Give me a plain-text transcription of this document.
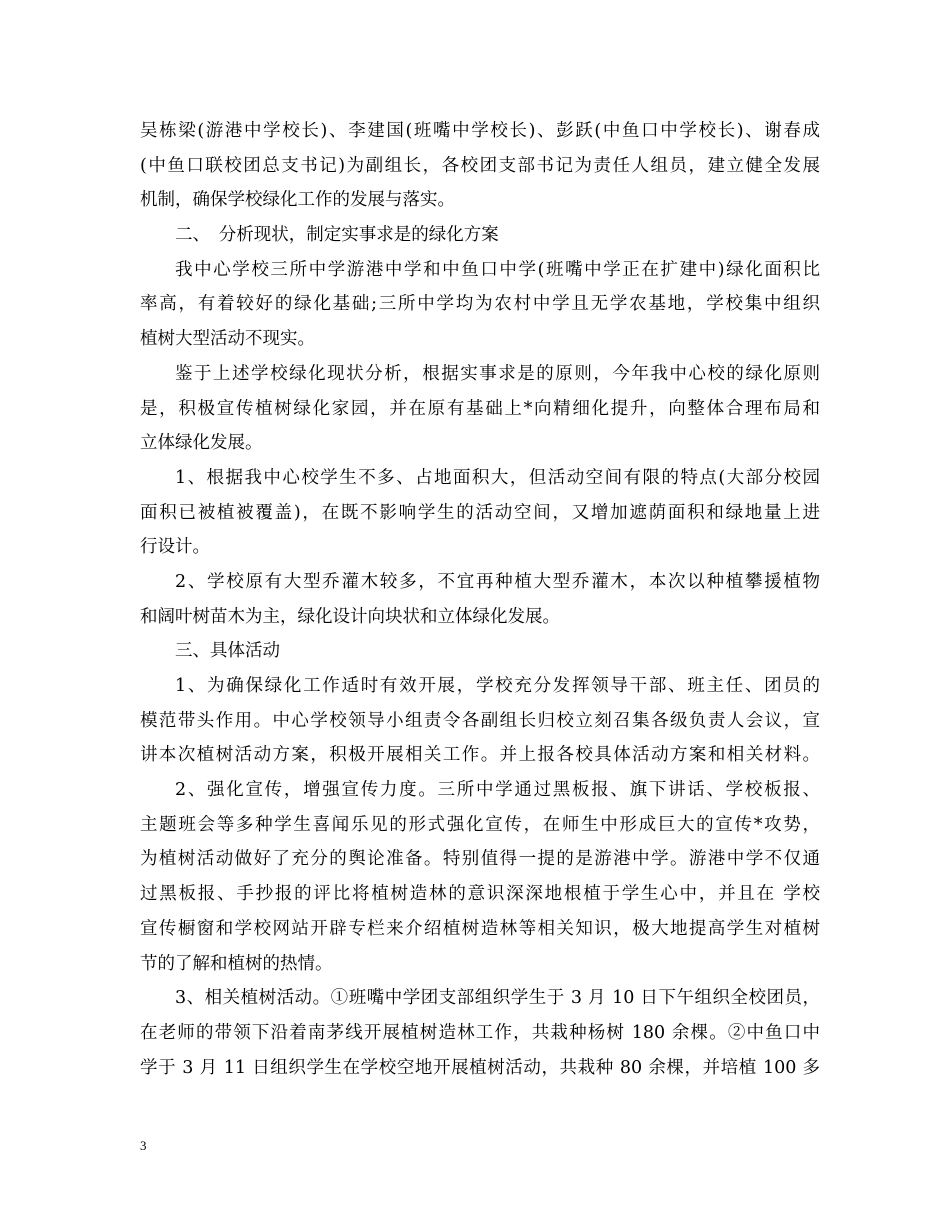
吴栋梁(游港中学校长)、李建国(班嘴中学校长)、彭跃(中鱼口中学校长)、谢春成
(中鱼口联校团总支书记)为副组长，各校团支部书记为责任人组员，建立健全发展
机制，确保学校绿化工作的发展与落实。
二、　分析现状，制定实事求是的绿化方案
我中心学校三所中学游港中学和中鱼口中学(班嘴中学正在扩建中)绿化面积比
率高，有着较好的绿化基础;三所中学均为农村中学且无学农基地，学校集中组织
植树大型活动不现实。
鉴于上述学校绿化现状分析，根据实事求是的原则，今年我中心校的绿化原则
是，积极宣传植树绿化家园，并在原有基础上*向精细化提升，向整体合理布局和
立体绿化发展。
1、根据我中心校学生不多、占地面积大，但活动空间有限的特点(大部分校园
面积已被植被覆盖)，在既不影响学生的活动空间，又增加遮荫面积和绿地量上进
行设计。
2、学校原有大型乔灌木较多，不宜再种植大型乔灌木，本次以种植攀援植物
和阔叶树苗木为主，绿化设计向块状和立体绿化发展。
三、具体活动
1、为确保绿化工作适时有效开展，学校充分发挥领导干部、班主任、团员的
模范带头作用。中心学校领导小组责令各副组长归校立刻召集各级负责人会议，宣
讲本次植树活动方案，积极开展相关工作。并上报各校具体活动方案和相关材料。
2、强化宣传，增强宣传力度。三所中学通过黑板报、旗下讲话、学校板报、
主题班会等多种学生喜闻乐见的形式强化宣传，在师生中形成巨大的宣传*攻势，
为植树活动做好了充分的舆论准备。特别值得一提的是游港中学。游港中学不仅通
过黑板报、手抄报的评比将植树造林的意识深深地根植于学生心中，并且在 学校
宣传橱窗和学校网站开辟专栏来介绍植树造林等相关知识，极大地提高学生对植树
节的了解和植树的热情。
3、相关植树活动。①班嘴中学团支部组织学生于 3 月 10 日下午组织全校团员，
在老师的带领下沿着南茅线开展植树造林工作，共栽种杨树 180 余棵。②中鱼口中
学于 3 月 11 日组织学生在学校空地开展植树活动，共栽种 80 余棵，并培植 100 多
3
